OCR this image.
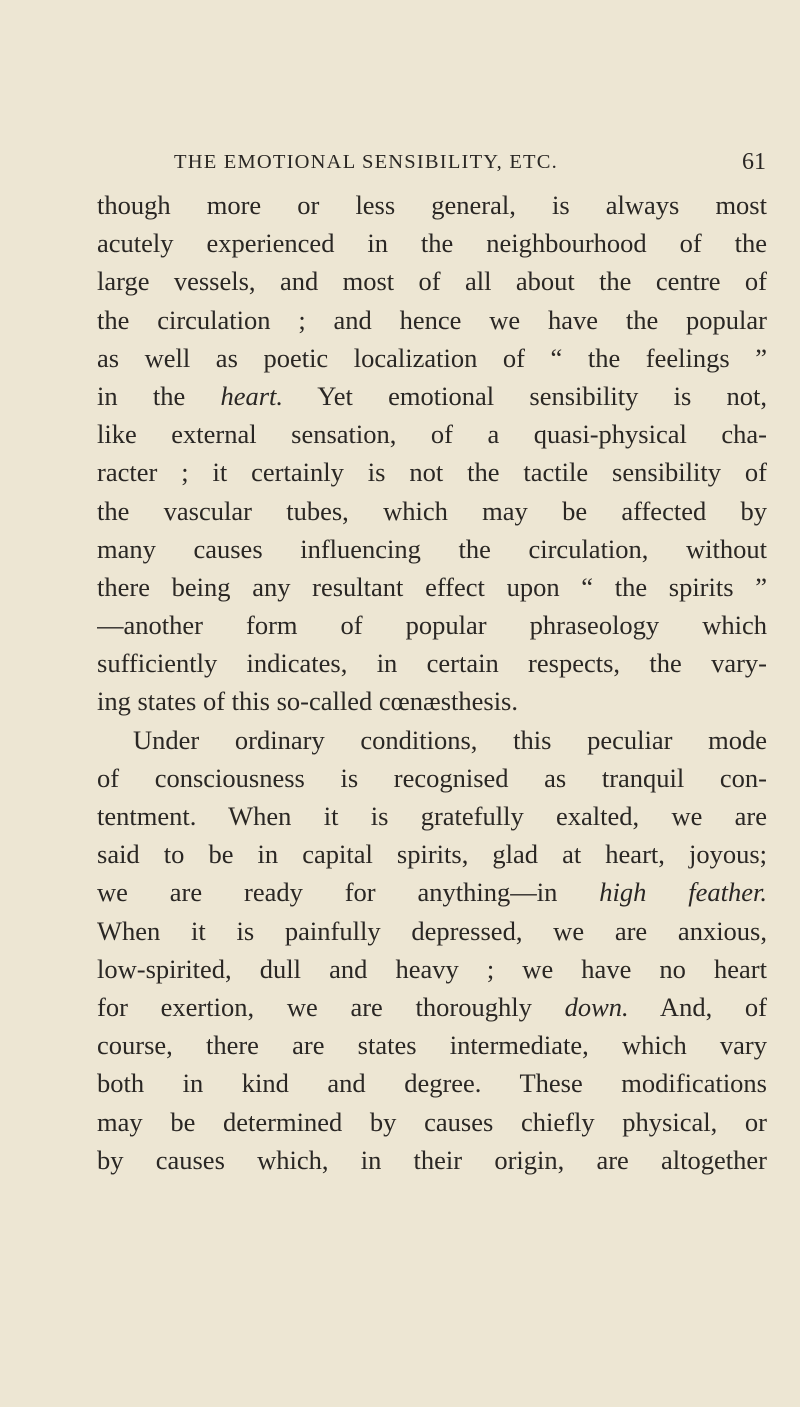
THE EMOTIONAL SENSIBILITY, ETC.	61
though more or less general, is always most
acutely experienced in the neighbourhood of the
large vessels, and most of all about the centre of
the circulation ; and hence we have the popular
as well as poetic localization of “ the feelings ”
in the heart. Yet emotional sensibility is not,
like external sensation, of a quasi-physical cha-
racter ; it certainly is not the tactile sensibility of
the vascular tubes, which may be affected by
many causes influencing the circulation, without
there being any resultant effect upon “ the spirits ”
—another form of popular phraseology which
sufficiently indicates, in certain respects, the vary-
ing states of this so-called cœnæsthesis.
Under ordinary conditions, this peculiar mode
of consciousness is recognised as tranquil con-
tentment. When it is gratefully exalted, we are
said to be in capital spirits, glad at heart, joyous;
we are ready for anything—in high feather.
When it is painfully depressed, we are anxious,
low-spirited, dull and heavy ; we have no heart
for exertion, we are thoroughly down. And, of
course, there are states intermediate, which vary
both in kind and degree. These modifications
may be determined by causes chiefly physical, or
by causes which, in their origin, are altogether
